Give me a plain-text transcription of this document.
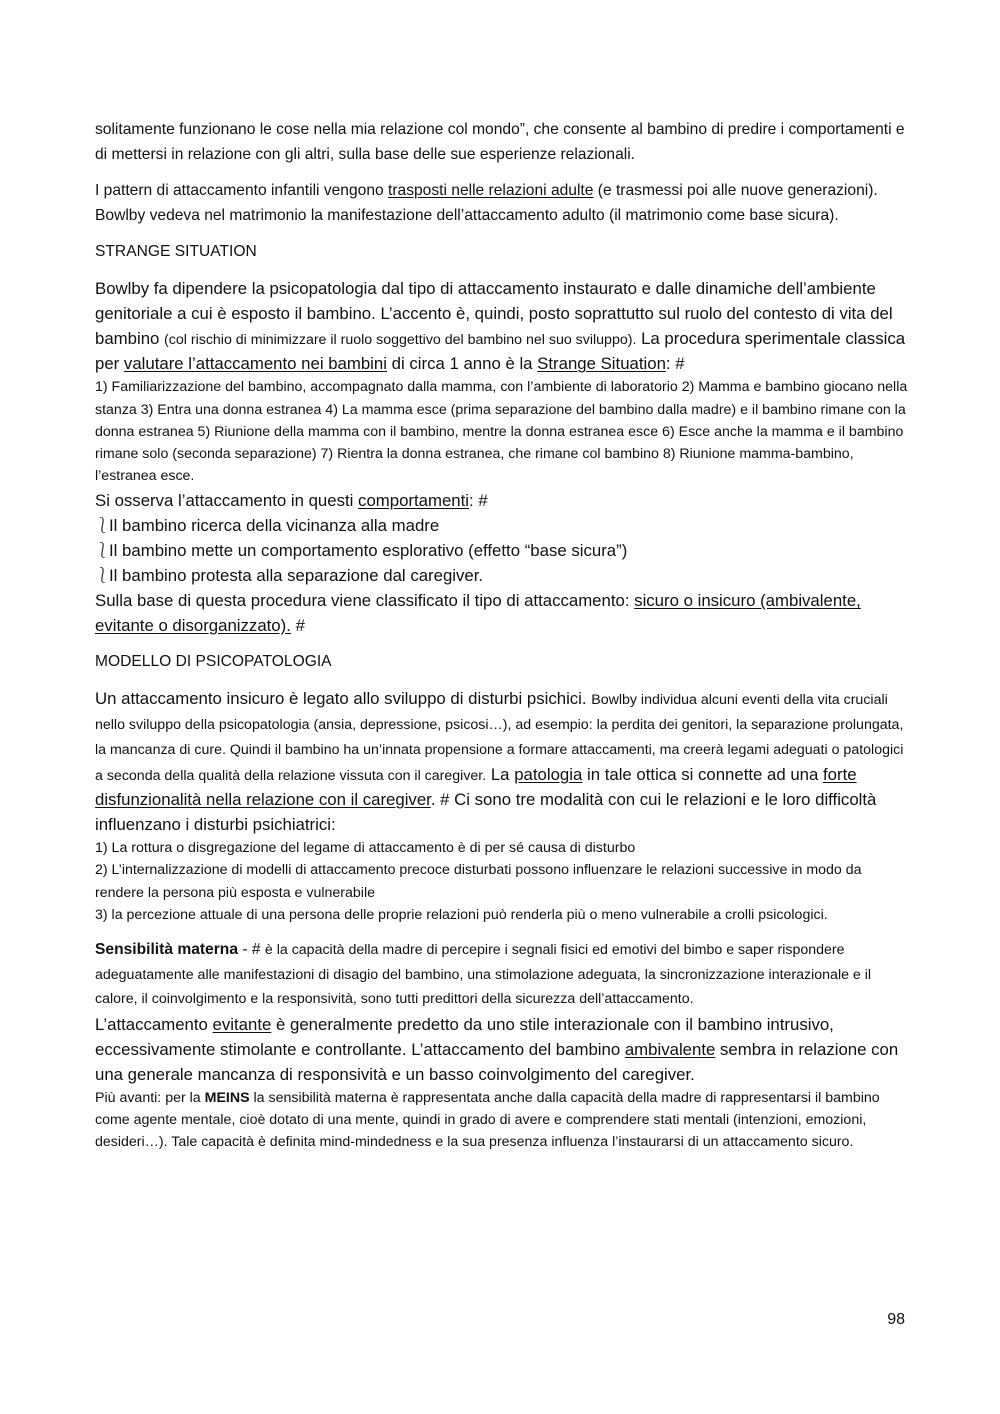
solitamente funzionano le cose nella mia relazione col mondo”, che consente al bambino di predire i comportamenti e di mettersi in relazione con gli altri, sulla base delle sue esperienze relazionali.

I pattern di attaccamento infantili vengono trasposti nelle relazioni adulte (e trasmessi poi alle nuove generazioni). Bowlby vedeva nel matrimonio la manifestazione dell’attaccamento adulto (il matrimonio come base sicura).

STRANGE SITUATION

Bowlby fa dipendere la psicopatologia dal tipo di attaccamento instaurato e dalle dinamiche dell’ambiente genitoriale a cui è esposto il bambino. L’accento è, quindi, posto soprattutto sul ruolo del contesto di vita del bambino (col rischio di minimizzare il ruolo soggettivo del bambino nel suo sviluppo). La procedura sperimentale classica per valutare l’attaccamento nei bambini di circa 1 anno è la Strange Situation: #

1) Familiarizzazione del bambino, accompagnato dalla mamma, con l’ambiente di laboratorio 2) Mamma e bambino giocano nella stanza 3) Entra una donna estranea 4) La mamma esce (prima separazione del bambino dalla madre) e il bambino rimane con la donna estranea 5) Riunione della mamma con il bambino, mentre la donna estranea esce 6) Esce anche la mamma e il bambino rimane solo (seconda separazione) 7) Rientra la donna estranea, che rimane col bambino 8) Riunione mamma-bambino, l’estranea esce.

Si osserva l’attaccamento in questi comportamenti: #

⎱
Il bambino ricerca della vicinanza alla madre
⎱
Il bambino mette un comportamento esplorativo (effetto “base sicura”)
⎱
Il bambino protesta alla separazione dal caregiver.

Sulla base di questa procedura viene classificato il tipo di attaccamento: sicuro o insicuro (ambivalente, evitante o disorganizzato). #

MODELLO DI PSICOPATOLOGIA

Un attaccamento insicuro è legato allo sviluppo di disturbi psichici. Bowlby individua alcuni eventi della vita cruciali nello sviluppo della psicopatologia (ansia, depressione, psicosi…), ad esempio: la perdita dei genitori, la separazione prolungata, la mancanza di cure. Quindi il bambino ha un’innata propensione a formare attaccamenti, ma creerà legami adeguati o patologici a seconda della qualità della relazione vissuta con il caregiver. La patologia in tale ottica si connette ad una forte disfunzionalità nella relazione con il caregiver. # Ci sono tre modalità con cui le relazioni e le loro difficoltà influenzano i disturbi psichiatrici:

1) La rottura o disgregazione del legame di attaccamento è di per sé causa di disturbo

2) L’internalizzazione di modelli di attaccamento precoce disturbati possono influenzare le relazioni successive in modo da rendere la persona più esposta e vulnerabile

3) la percezione attuale di una persona delle proprie relazioni può renderla più o meno vulnerabile a crolli psicologici.

Sensibilità materna - # è la capacità della madre di percepire i segnali fisici ed emotivi del bimbo e saper rispondere adeguatamente alle manifestazioni di disagio del bambino, una stimolazione adeguata, la sincronizzazione interazionale e il calore, il coinvolgimento e la responsività, sono tutti predittori della sicurezza dell’attaccamento.

L’attaccamento evitante è generalmente predetto da uno stile interazionale con il bambino intrusivo, eccessivamente stimolante e controllante. L’attaccamento del bambino ambivalente sembra in relazione con una generale mancanza di responsività e un basso coinvolgimento del caregiver.

Più avanti: per la MEINS la sensibilità materna è rappresentata anche dalla capacità della madre di rappresentarsi il bambino come agente mentale, cioè dotato di una mente, quindi in grado di avere e comprendere stati mentali (intenzioni, emozioni, desideri…). Tale capacità è definita mind-mindedness e la sua presenza influenza l’instaurarsi di un attaccamento sicuro.

98
